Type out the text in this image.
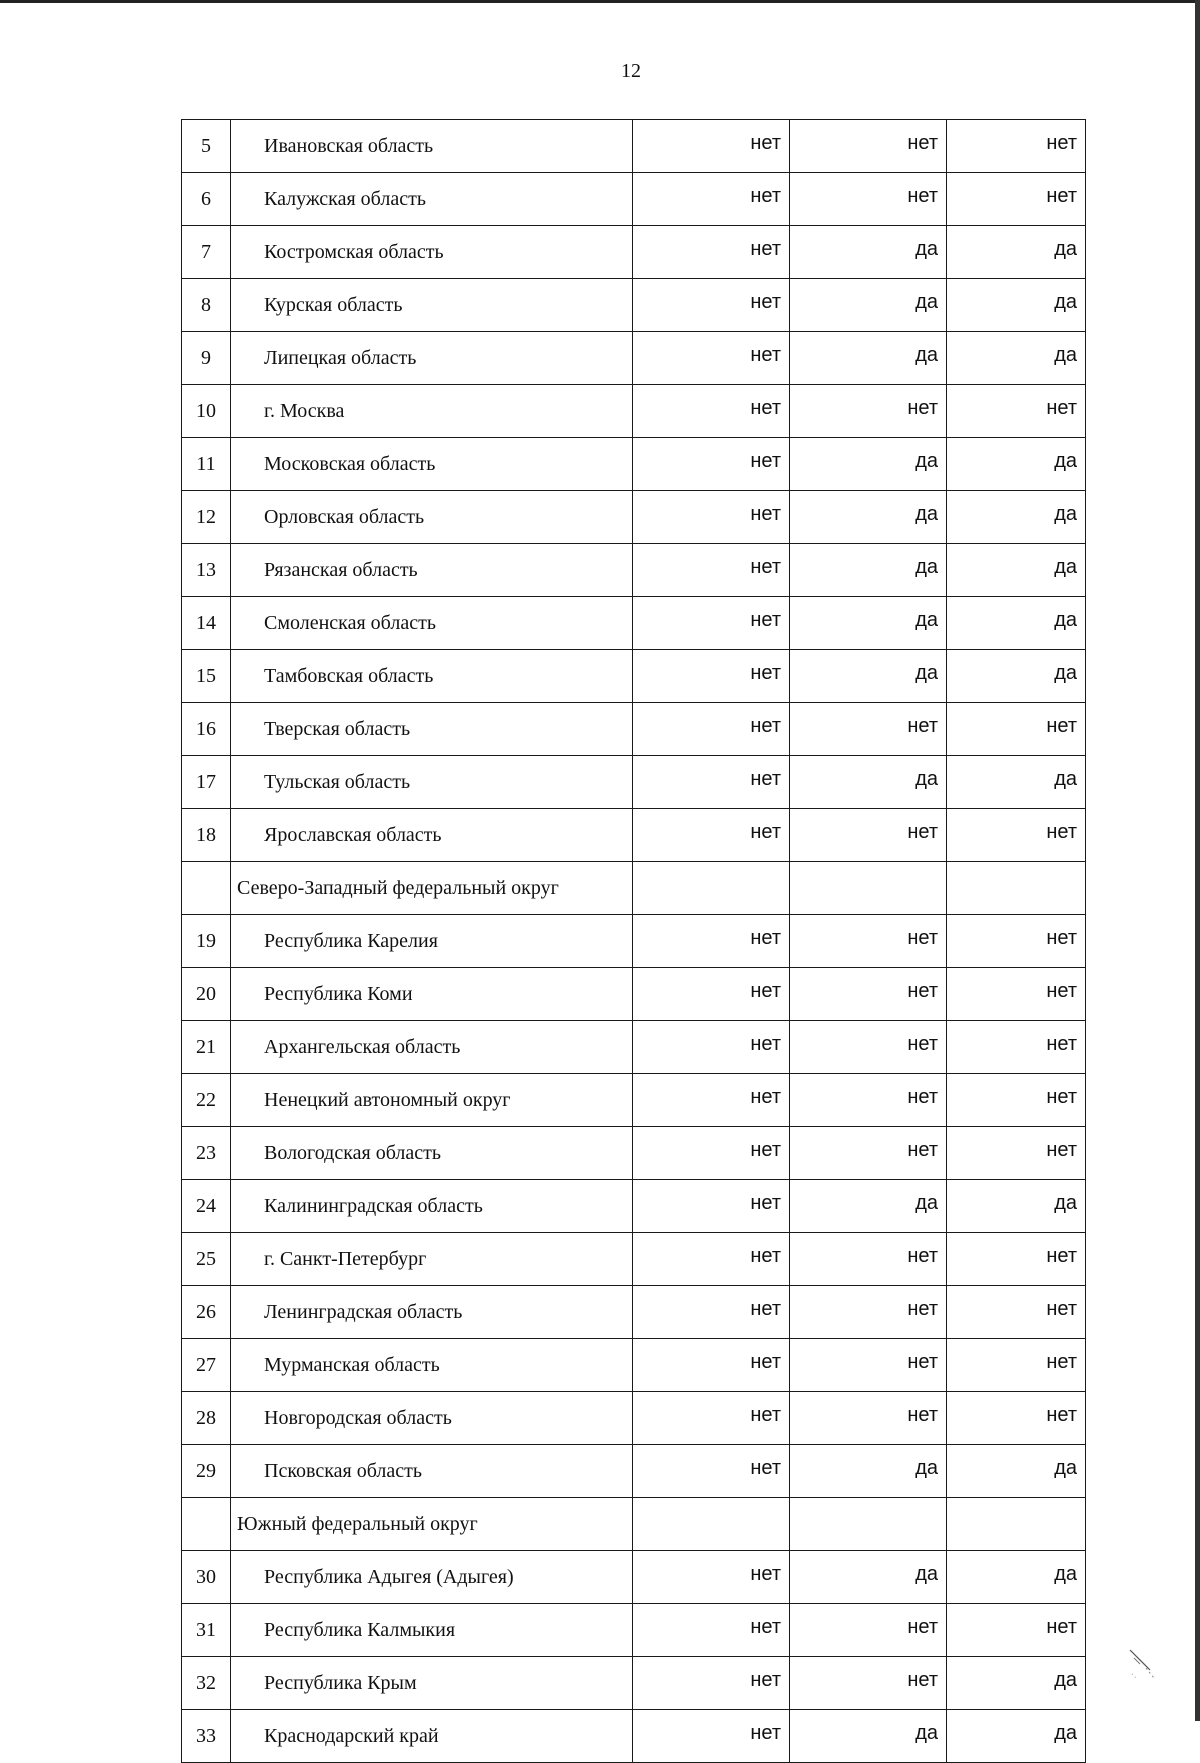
12
5	Ивановская область	нет	нет	нет
6	Калужская область	нет	нет	нет
7	Костромская область	нет	да	да
8	Курская область	нет	да	да
9	Липецкая область	нет	да	да
10	г. Москва	нет	нет	нет
11	Московская область	нет	да	да
12	Орловская область	нет	да	да
13	Рязанская область	нет	да	да
14	Смоленская область	нет	да	да
15	Тамбовская область	нет	да	да
16	Тверская область	нет	нет	нет
17	Тульская область	нет	да	да
18	Ярославская область	нет	нет	нет
	Северо-Западный федеральный округ			
19	Республика Карелия	нет	нет	нет
20	Республика Коми	нет	нет	нет
21	Архангельская область	нет	нет	нет
22	Ненецкий автономный округ	нет	нет	нет
23	Вологодская область	нет	нет	нет
24	Калининградская область	нет	да	да
25	г. Санкт-Петербург	нет	нет	нет
26	Ленинградская область	нет	нет	нет
27	Мурманская область	нет	нет	нет
28	Новгородская область	нет	нет	нет
29	Псковская область	нет	да	да
	Южный федеральный округ			
30	Республика Адыгея (Адыгея)	нет	да	да
31	Республика Калмыкия	нет	нет	нет
32	Республика Крым	нет	нет	да
33	Краснодарский край	нет	да	да
